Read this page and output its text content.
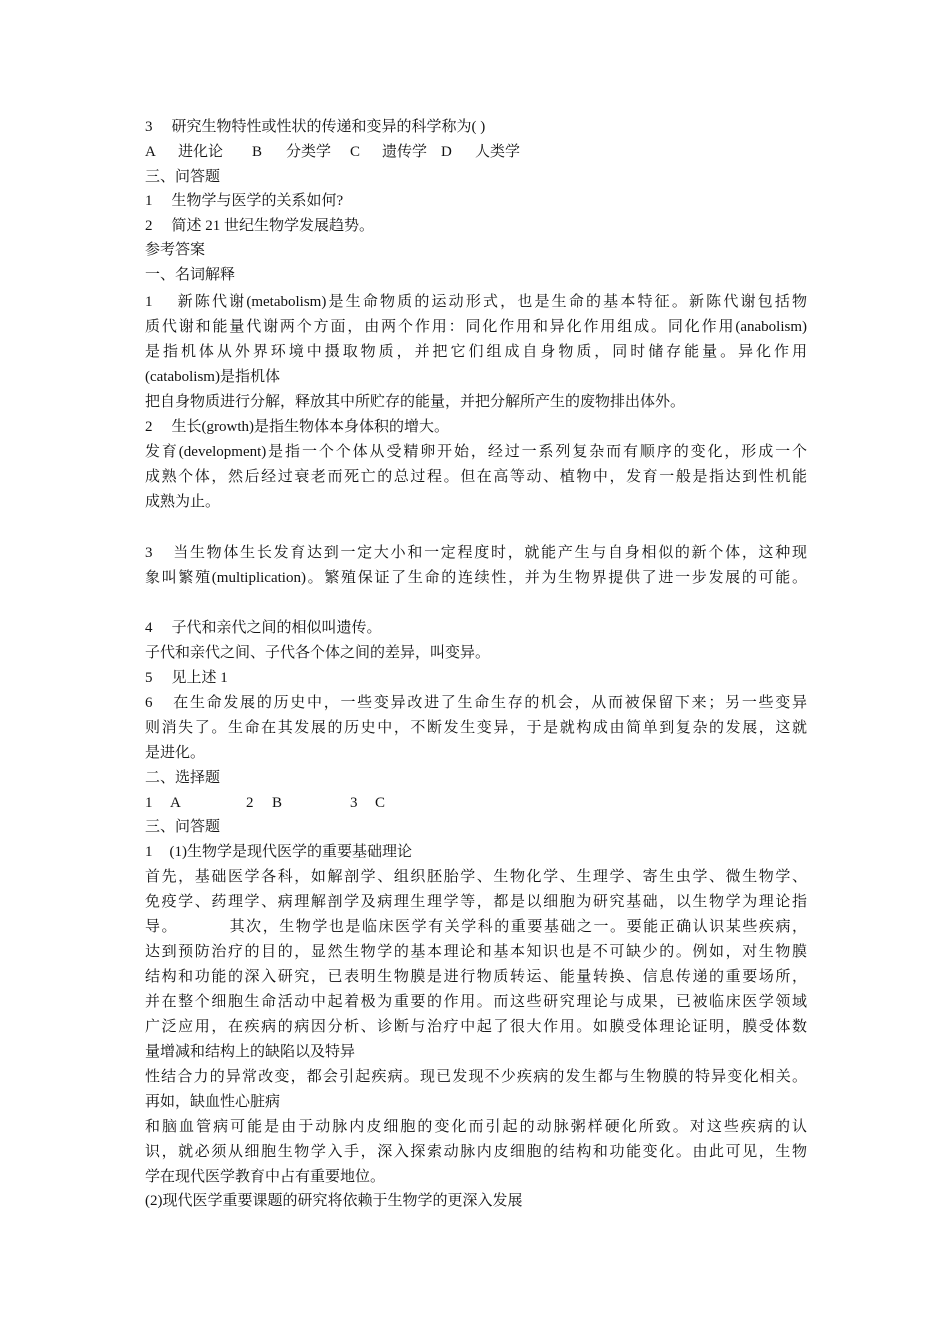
3 研究生物特性或性状的传递和变异的科学称为( )
A 进化论 B 分类学 C 遗传学 D 人类学
三、问答题
1 生物学与医学的关系如何?
2 简述 21 世纪生物学发展趋势。
参考答案
一、名词解释
1 新陈代谢(metabolism)是生命物质的运动形式，也是生命的基本特征。新陈代谢包括物
质代谢和能量代谢两个方面，由两个作用：同化作用和异化作用组成。同化作用(anabolism)
是指机体从外界环境中摄取物质，并把它们组成自身物质，同时储存能量。异化作用
(catabolism)是指机体
把自身物质进行分解，释放其中所贮存的能量，并把分解所产生的废物排出体外。
2 生长(growth)是指生物体本身体积的增大。
发育(development)是指一个个体从受精卵开始，经过一系列复杂而有顺序的变化，形成一个
成熟个体，然后经过衰老而死亡的总过程。但在高等动、植物中，发育一般是指达到性机能
成熟为止。
3 当生物体生长发育达到一定大小和一定程度时，就能产生与自身相似的新个体，这种现
象叫繁殖(multiplication)。繁殖保证了生命的连续性，并为生物界提供了进一步发展的可能。
4 子代和亲代之间的相似叫遗传。
子代和亲代之间、子代各个体之间的差异，叫变异。
5 见上述 1
6 在生命发展的历史中，一些变异改进了生命生存的机会，从而被保留下来；另一些变异
则消失了。生命在其发展的历史中，不断发生变异，于是就构成由简单到复杂的发展，这就
是进化。
二、选择题
1 A	2 B	3 C
三、问答题
1 (1)生物学是现代医学的重要基础理论
首先，基础医学各科，如解剖学、组织胚胎学、生物化学、生理学、寄生虫学、微生物学、
免疫学、药理学、病理解剖学及病理生理学等，都是以细胞为研究基础，以生物学为理论指
导。	其次，生物学也是临床医学有关学科的重要基础之一。要能正确认识某些疾病，
达到预防治疗的目的，显然生物学的基本理论和基本知识也是不可缺少的。例如，对生物膜
结构和功能的深入研究，已表明生物膜是进行物质转运、能量转换、信息传递的重要场所，
并在整个细胞生命活动中起着极为重要的作用。而这些研究理论与成果，已被临床医学领域
广泛应用，在疾病的病因分析、诊断与治疗中起了很大作用。如膜受体理论证明，膜受体数
量增减和结构上的缺陷以及特异
性结合力的异常改变，都会引起疾病。现已发现不少疾病的发生都与生物膜的特异变化相关。
再如，缺血性心脏病
和脑血管病可能是由于动脉内皮细胞的变化而引起的动脉粥样硬化所致。对这些疾病的认
识，就必须从细胞生物学入手，深入探索动脉内皮细胞的结构和功能变化。由此可见，生物
学在现代医学教育中占有重要地位。
(2)现代医学重要课题的研究将依赖于生物学的更深入发展
